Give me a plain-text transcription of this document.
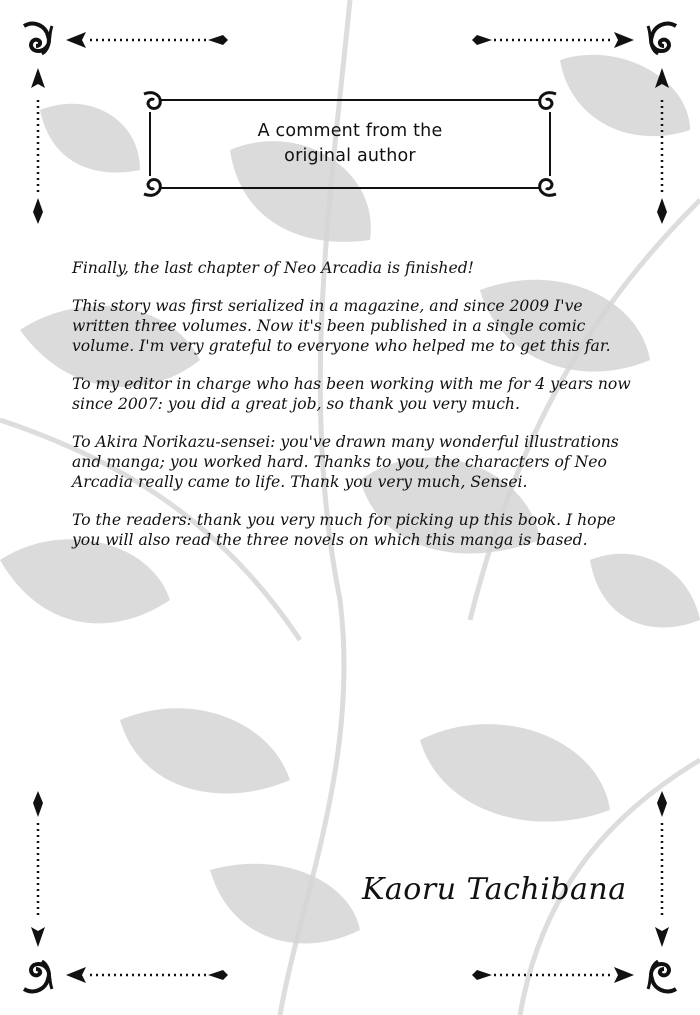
A comment from the
original author

Finally, the last chapter of Neo Arcadia is finished!

This story was first serialized in a magazine, and since 2009 I've written three volumes. Now it's been published in a single comic volume. I'm very grateful to everyone who helped me to get this far.

To my editor in charge who has been working with me for 4 years now since 2007: you did a great job, so thank you very much.

To Akira Norikazu-sensei: you've drawn many wonderful illustrations and manga; you worked hard. Thanks to you, the characters of Neo Arcadia really came to life. Thank you very much, Sensei.

To the readers: thank you very much for picking up this book. I hope you will also read the three novels on which this manga is based.

Kaoru Tachibana
